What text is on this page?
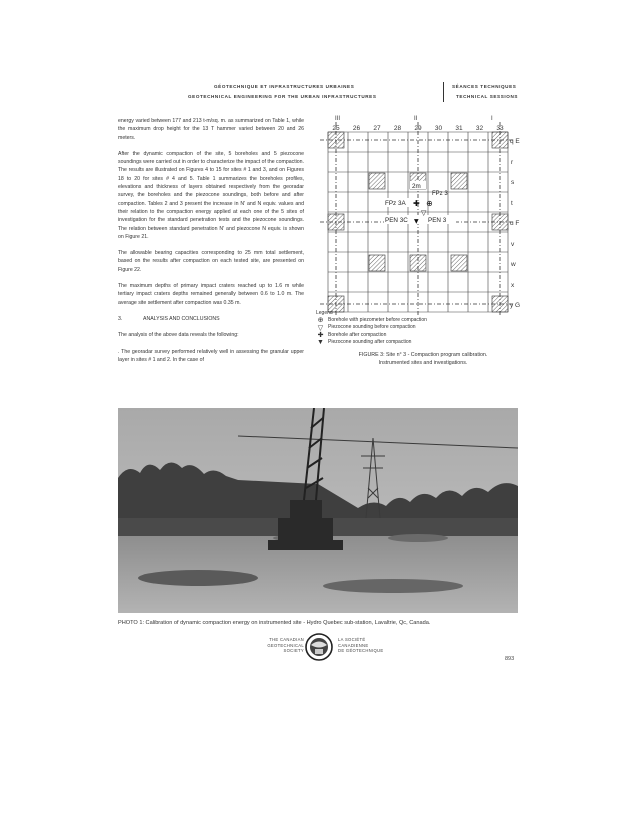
GÉOTECHNIQUE ET INFRASTRUCTURES URBAINES
GEOTECHNICAL ENGINEERING FOR THE URBAN INFRASTRUCTURES
SÉANCES TECHNIQUES
TECHNICAL SESSIONS

energy varied between 177 and 213 t-m/sq. m. as summarized on Table 1, while the maximum drop height for the 13 T hammer varied between 20 and 26 meters.

After the dynamic compaction of the site, 5 boreholes and 5 piezocone soundings were carried out in order to characterize the impact of the compaction. The results are illustrated on Figures 4 to 15 for sites # 1 and 3, and on Figures 18 to 20 for sites # 4 and 5. Table 1 summarizes the boreholes profiles, elevations and thickness of layers obtained respectively from the georadar survey, the boreholes and the piezocone soundings, both before and after compaction. Tables 2 and 3 present the increase in N' and N equiv. values and their relation to the compaction energy applied at each one of the 5 sites of investigation for the standard penetration tests and the piezocone soundings. The relation between standard penetration N' and piezocone N equiv. is shown on Figure 21.

The allowable bearing capacities corresponding to 25 mm total settlement, based on the results after compaction on each tested site, are presented on Figure 22.

The maximum depths of primary impact craters reached up to 1.6 m while tertiary impact craters depths remained generally between 0.6 to 1.0 m. The average site settlement after compaction was 0.35 m.

3.	ANALYSIS AND CONCLUSIONS

The analysis of the above data reveals the following:

. The georadar survey performed relatively well in assessing the granular upper layer in sites # 1 and 2. In the case of

III	II	I
25 26 27 28 29 30 31 32 33
q E
r
s
t
u F
v
w
x
y G
2m
FPz 3
FPz 3A ✚ ⊕
PEN 3C
▽
▼ PEN 3
Legend
⊕ Borehole with piezometer before compaction
▽ Piezocone sounding before compaction
✚ Borehole after compaction
▼ Piezocone sounding after compaction
FIGURE 3: Site n° 3 - Compaction program calibration.
Instrumented sites and investigations.
PHOTO 1: Calibration of dynamic compaction energy on instrumented site - Hydro Quebec sub-station, Lavaltrie, Qc, Canada.
THE CANADIAN
GEOTECHNICAL
SOCIETY
LA SOCIÉTÉ
CANADIENNE
DE GÉOTECHNIQUE
893
